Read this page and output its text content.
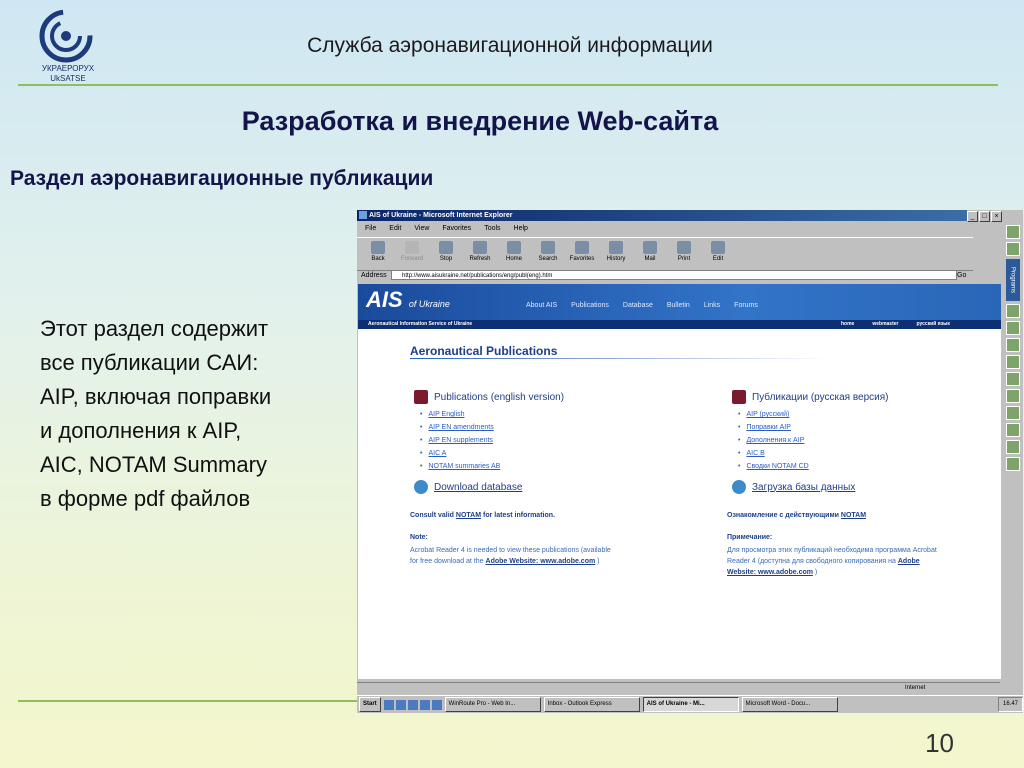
УКРАЕРОРУХ
UkSATSE
Служба аэронавигационной информации
Разработка и внедрение Web-сайта
Раздел аэронавигационные публикации
Этот раздел содержит
все публикации САИ:
AIP, включая поправки
и дополнения к AIP,
AIC, NOTAM Summary
в форме pdf файлов
10
AIS of Ukraine - Microsoft Internet Explorer	_	□	×
File Edit View Favorites Tools Help
Back	Forward	Stop	Refresh	Home	Search	Favorites	History	Mail	Print	Edit
Address	http://www.aisukraine.net/publications/eng/publ(eng).htm	Go
AIS of Ukraine	About AIS Publications Database Bulletin Links Forums
Aeronautical Information Service of Ukraine	home	webmaster	русский язык
Aeronautical Publications
Publications (english version)
• AIP English
• AIP EN amendments
• AIP EN supplements
• AIC A
• NOTAM summaries AB
Download database
Consult valid NOTAM for latest information.
Note:
Acrobat Reader 4 is needed to view these publications (available for free download at the Adobe Website: www.adobe.com )
Публикации (русская версия)
• AIP (русский)
• Поправки AIP
• Дополнения к AIP
• AIC B
• Сводки NOTAM CD
Загрузка базы данных
Ознакомление с действующими NOTAM
Примечание:
Для просмотра этих публикаций необходима программа Acrobat Reader 4 (доступна для свободного копирования на Adobe Website: www.adobe.com )
Internet
Programs
Start	WinRoute Pro - Web In...	Inbox - Outlook Express	AIS of Ukraine - Mi...	Microsoft Word - Docu...	16.47
